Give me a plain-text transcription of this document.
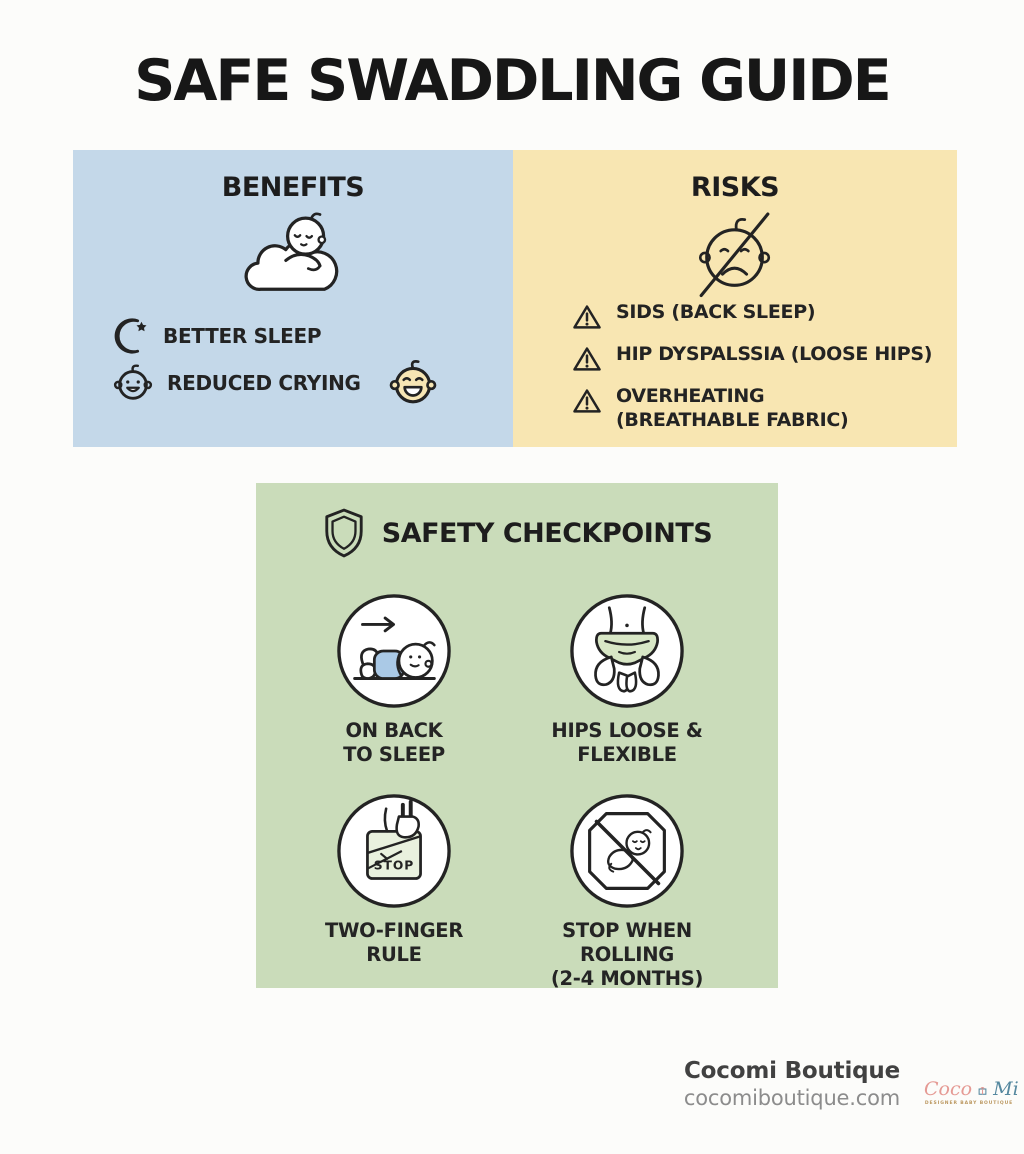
SAFE SWADDLING GUIDE
BENEFITS
BETTER SLEEP
REDUCED CRYING
RISKS
SIDS (BACK SLEEP)
HIP DYSPALSSIA (LOOSE HIPS)
OVERHEATING
(BREATHABLE FABRIC)
SAFETY CHECKPOINTS
ON BACK
TO SLEEP
HIPS LOOSE &
FLEXIBLE
STOP
TWO-FINGER
RULE
STOP WHEN ROLLING
(2-4 MONTHS)
Cocomi Boutique
cocomiboutique.com Coco Mi
DESIGNER BABY BOUTIQUE
